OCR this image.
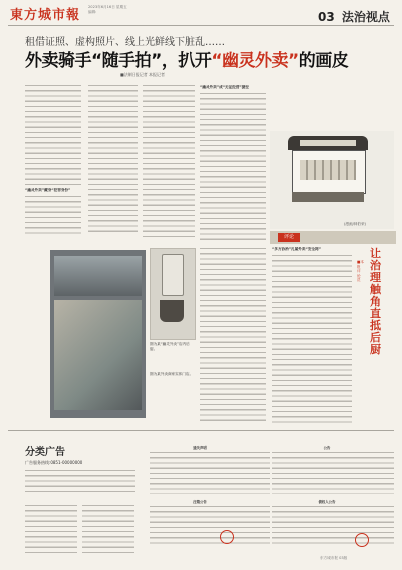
東方城市報
2023年6月16日 星期五
编辑:	03 法治视点
租借证照、虚构照片、线上光鲜线下脏乱……
外卖骑手“随手拍”，扒开“幽灵外卖”的画皮
■法制日报记者 本报记者
“幽灵外卖”藏身“犯罪身份”
“幽灵外卖”成“无证经营”捷径
“多方协治”扎紧外卖“安全网”
图为某“幽灵外卖”店内后厨。
图为某外卖商家实体门店。
(漫画/林伯荣)
评论
让治理触角直抵后厨
■本报评论员
分类广告
广告服务热线:0851-00000000
遗失声明
注销公告
公告
债权人公告
东方城市报 03版
